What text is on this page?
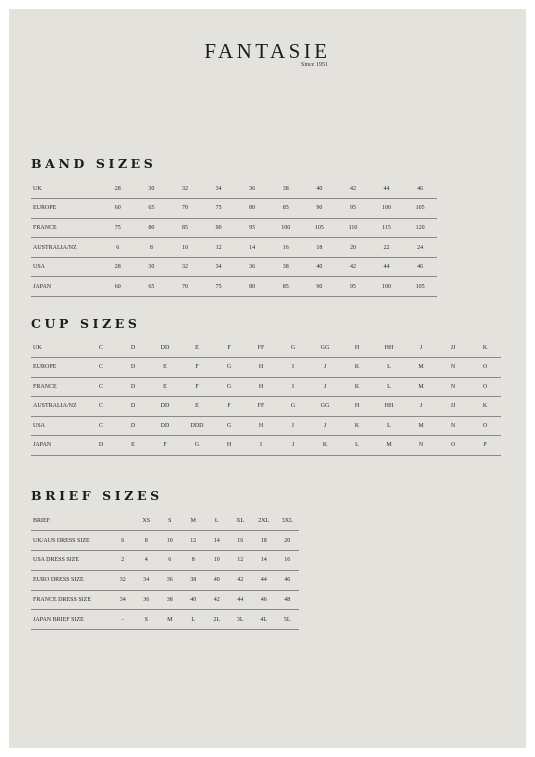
FANTASIE
Since 1951
BAND SIZES
UK	28	30	32	34	36	38	40	42	44	46
EUROPE	60	65	70	75	80	85	90	95	100	105
FRANCE	75	80	85	90	95	100	105	110	115	120
AUSTRALIA/NZ	6	8	10	12	14	16	18	20	22	24
USA	28	30	32	34	36	38	40	42	44	46
JAPAN	60	65	70	75	80	85	90	95	100	105
CUP SIZES
UK	C	D	DD	E	F	FF	G	GG	H	HH	J	JJ	K
EUROPE	C	D	E	F	G	H	I	J	K	L	M	N	O
FRANCE	C	D	E	F	G	H	I	J	K	L	M	N	O
AUSTRALIA/NZ	C	D	DD	E	F	FF	G	GG	H	HH	J	JJ	K
USA	C	D	DD	DDD	G	H	I	J	K	L	M	N	O
JAPAN	D	E	F	G	H	I	J	K	L	M	N	O	P
BRIEF SIZES
BRIEF		XS	S	M	L	XL	2XL	3XL
UK/AUS DRESS SIZE	6	8	10	12	14	16	18	20
USA DRESS SIZE	2	4	6	8	10	12	14	16
EURO DRESS SIZE	32	34	36	38	40	42	44	46
FRANCE DRESS SIZE	34	36	38	40	42	44	46	48
JAPAN BRIEF SIZE	-	S	M	L	2L	3L	4L	5L
